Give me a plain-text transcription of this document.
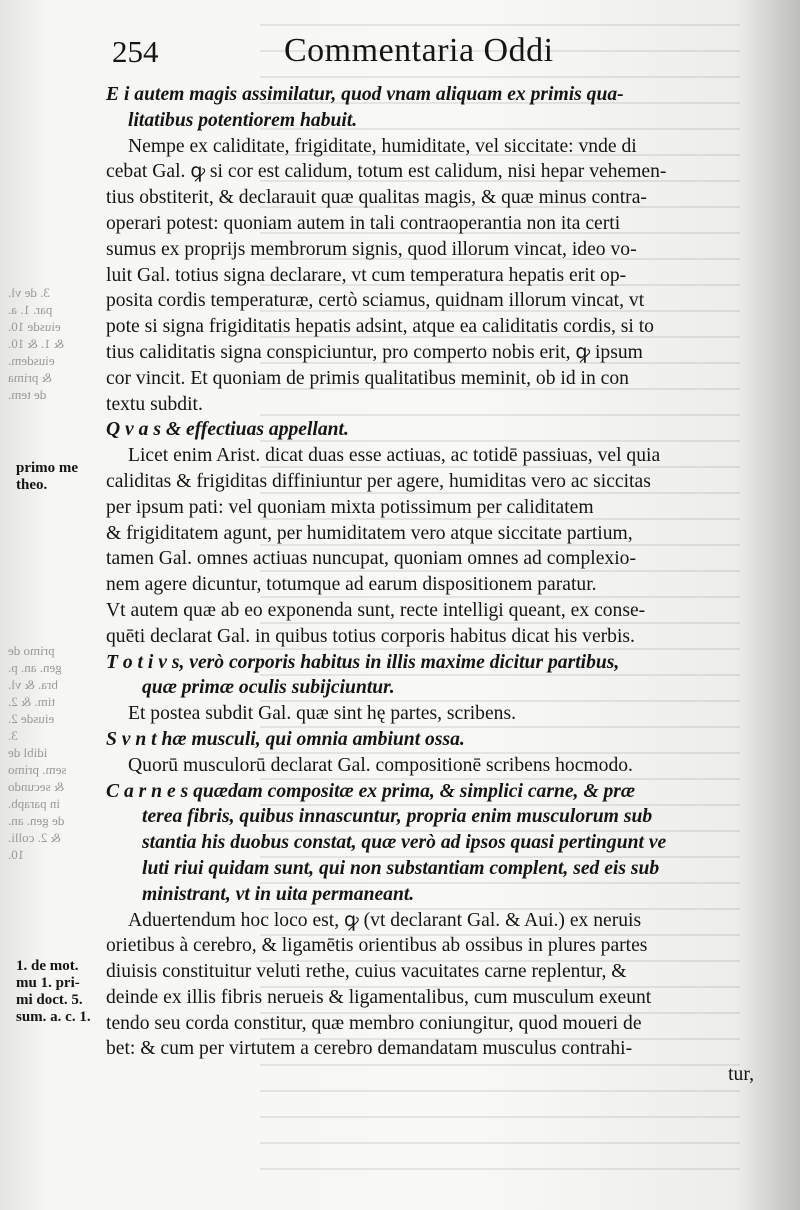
254	Commentaria Oddi
3. de vl.
par. 1. a.
eiusde 10.
& 1. & 10.
eiusdem.
& prima
de tem.
primo de
gen. an. p.
bra. & vl.
tim. & 2.
eiusde 2.
3.
idibl de
sem. primo
& secundo
in parapb.
de gen. an.
& 2. colli.
10.
primo me
theo.
1. de mot.
mu 1. pri-
mi doct. 5.
sum. a. c. 1.
E i autem magis assimilatur, quod vnam aliquam ex primis qua-
litatibus potentiorem habuit.
Nempe ex caliditate, frigiditate, humiditate, vel siccitate: vnde di
cebat Gal. ꝙ si cor est calidum, totum est calidum, nisi hepar vehemen-
tius obstiterit, & declarauit quæ qualitas magis, & quæ minus contra-
operari potest: quoniam autem in tali contraoperantia non ita certi
sumus ex proprijs membrorum signis, quod illorum vincat, ideo vo-
luit Gal. totius signa declarare, vt cum temperatura hepatis erit op-
posita cordis temperaturæ, certò sciamus, quidnam illorum vincat, vt
pote si signa frigiditatis hepatis adsint, atque ea caliditatis cordis, si to
tius caliditatis signa conspiciuntur, pro comperto nobis erit, ꝙ ipsum
cor vincit. Et quoniam de primis qualitatibus meminit, ob id in con
textu subdit.
Q v a s & effectiuas appellant.
Licet enim Arist. dicat duas esse actiuas, ac totidē passiuas, vel quia
caliditas & frigiditas diffiniuntur per agere, humiditas vero ac siccitas
per ipsum pati: vel quoniam mixta potissimum per caliditatem
& frigiditatem agunt, per humiditatem vero atque siccitate partium,
tamen Gal. omnes actiuas nuncupat, quoniam omnes ad complexio-
nem agere dicuntur, totumque ad earum dispositionem paratur.
Vt autem quæ ab eo exponenda sunt, recte intelligi queant, ex conse-
quēti declarat Gal. in quibus totius corporis habitus dicat his verbis.
T o t i v s, verò corporis habitus in illis maxime dicitur partibus,
quæ primæ oculis subijciuntur.
Et postea subdit Gal. quæ sint hę partes, scribens.
S v n t hæ musculi, qui omnia ambiunt ossa.
Quorū musculorū declarat Gal. compositionē scribens hocmodo.
C a r n e s quædam compositæ ex prima, & simplici carne, & præ
terea fibris, quibus innascuntur, propria enim musculorum sub
stantia his duobus constat, quæ verò ad ipsos quasi pertingunt ve
luti riui quidam sunt, qui non substantiam complent, sed eis sub
ministrant, vt in uita permaneant.
Aduertendum hoc loco est, ꝙ (vt declarant Gal. & Aui.) ex neruis
orietibus à cerebro, & ligamētis orientibus ab ossibus in plures partes
diuisis constituitur veluti rethe, cuius vacuitates carne replentur, &
deinde ex illis fibris nerueis & ligamentalibus, cum musculum exeunt
tendo seu corda constitur, quæ membro coniungitur, quod moueri de
bet: & cum per virtutem a cerebro demandatam musculus contrahi-
tur,
